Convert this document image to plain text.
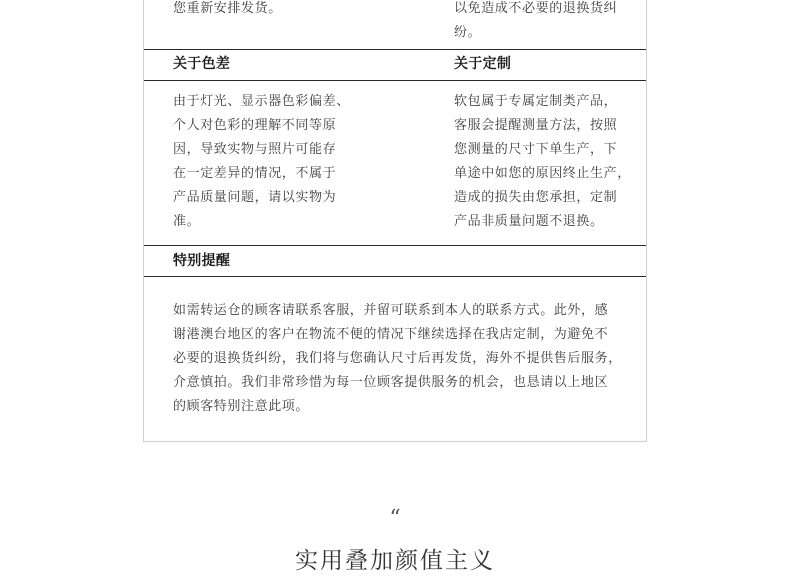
您重新安排发货。	以免造成不必要的退换货纠
纷。
关于色差	关于定制
由于灯光、显示器色彩偏差、
个人对色彩的理解不同等原
因，导致实物与照片可能存
在一定差异的情况，不属于
产品质量问题，请以实物为
准。
软包属于专属定制类产品，
客服会提醒测量方法，按照
您测量的尺寸下单生产，下
单途中如您的原因终止生产，
造成的损失由您承担，定制
产品非质量问题不退换。
特别提醒
如需转运仓的顾客请联系客服，并留可联系到本人的联系方式。此外，感
谢港澳台地区的客户在物流不便的情况下继续选择在我店定制，为避免不
必要的退换货纠纷，我们将与您确认尺寸后再发货，海外不提供售后服务，
介意慎拍。我们非常珍惜为每一位顾客提供服务的机会，也恳请以上地区
的顾客特别注意此项。
“
实用叠加颜值主义
